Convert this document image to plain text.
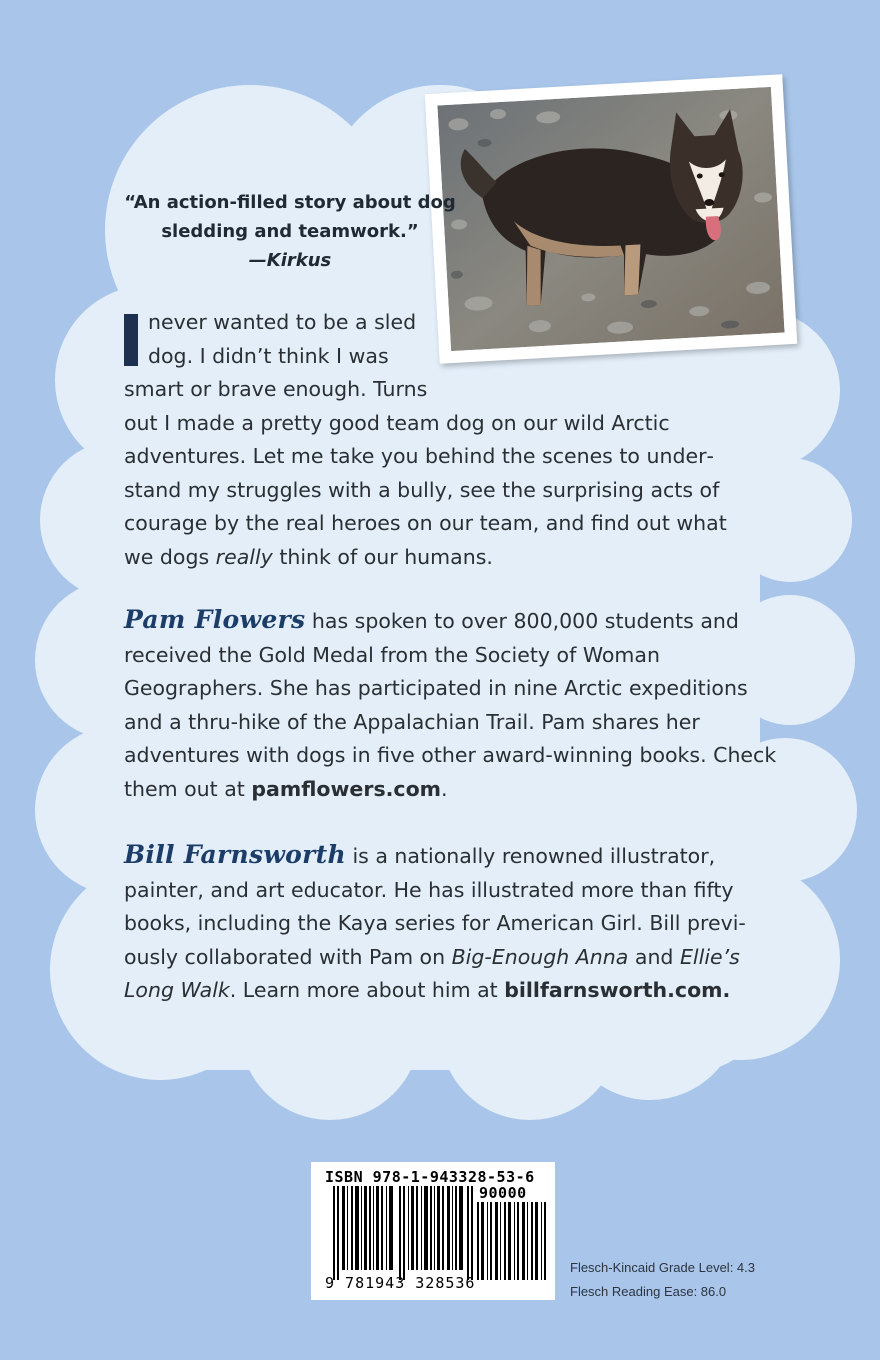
“An action-filled story about dog sledding and teamwork.”
—Kirkus
never wanted to be a sled
dog. I didn’t think I was
smart or brave enough. Turns
out I made a pretty good team dog on our wild Arctic adventures. Let me take you behind the scenes to understand my struggles with a bully, see the surprising acts of courage by the real heroes on our team, and find out what we dogs really think of our humans.
Pam Flowers has spoken to over 800,000 students and received the Gold Medal from the Society of Woman Geographers. She has participated in nine Arctic expeditions and a thru-hike of the Appalachian Trail. Pam shares her adventures with dogs in five other award-winning books. Check them out at pamflowers.com.
Bill Farnsworth is a nationally renowned illustrator, painter, and art educator. He has illustrated more than fifty books, including the Kaya series for American Girl. Bill previously collaborated with Pam on Big-Enough Anna and Ellie’s Long Walk. Learn more about him at billfarnsworth.com.
ISBN 978-1-943328-53-6
90000
9 781943 328536
Flesch-Kincaid Grade Level: 4.3
Flesch Reading Ease: 86.0
